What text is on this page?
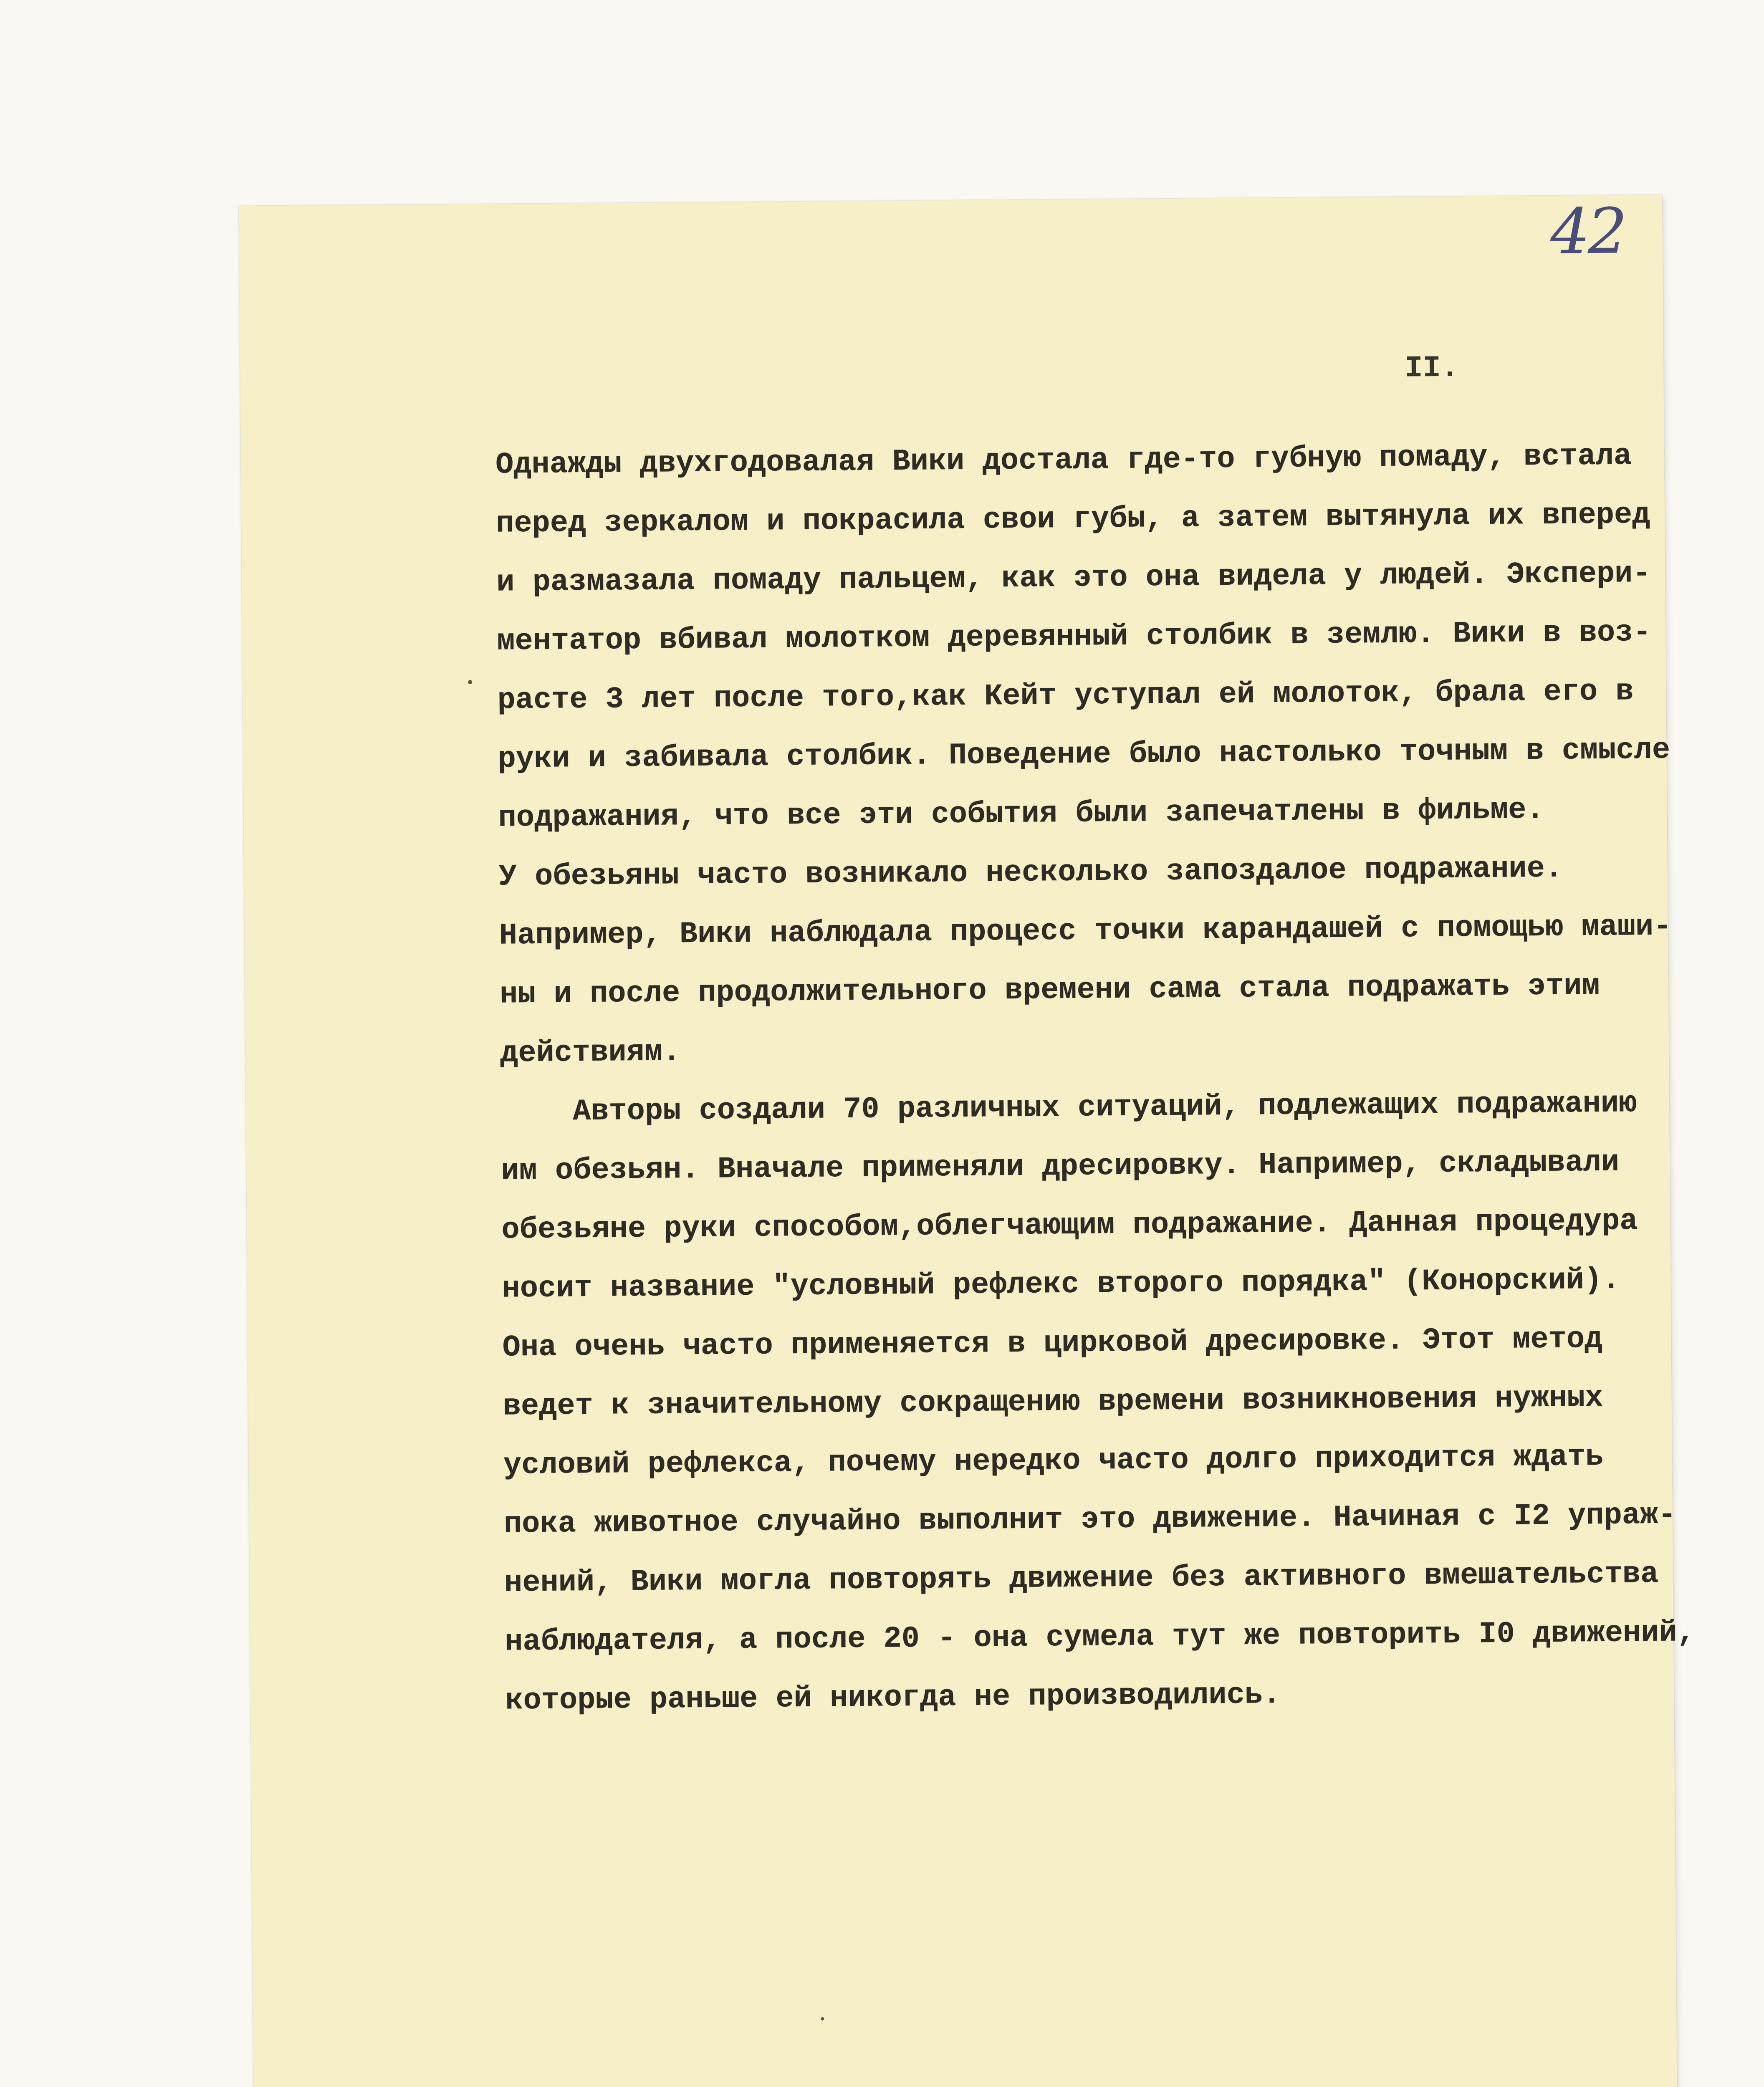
42
II.
Однажды двухгодовалая Вики достала где-то губную помаду, встала
перед зеркалом и покрасила свои губы, а затем вытянула их вперед
и размазала помаду пальцем, как это она видела у людей. Экспери-
ментатор вбивал молотком деревянный столбик в землю. Вики в воз-
расте 3 лет после того,как Кейт уступал ей молоток, брала его в
руки и забивала столбик. Поведение было настолько точным в смысле
подражания, что все эти события были запечатлены в фильме.
У обезьяны часто возникало несколько запоздалое подражание.
Например, Вики наблюдала процесс точки карандашей с помощью маши-
ны и после продолжительного времени сама стала подражать этим
действиям.
Авторы создали 70 различных ситуаций, подлежащих подражанию
им обезьян. Вначале применяли дресировку. Например, складывали
обезьяне руки способом,облегчающим подражание. Данная процедура
носит название "условный рефлекс второго порядка" (Конорский).
Она очень часто применяется в цирковой дресировке. Этот метод
ведет к значительному сокращению времени возникновения нужных
условий рефлекса, почему нередко часто долго приходится ждать
пока животное случайно выполнит это движение. Начиная с I2 упраж-
нений, Вики могла повторять движение без активного вмешательства
наблюдателя, а после 20 - она сумела тут же повторить I0 движений,
которые раньше ей никогда не производились.
